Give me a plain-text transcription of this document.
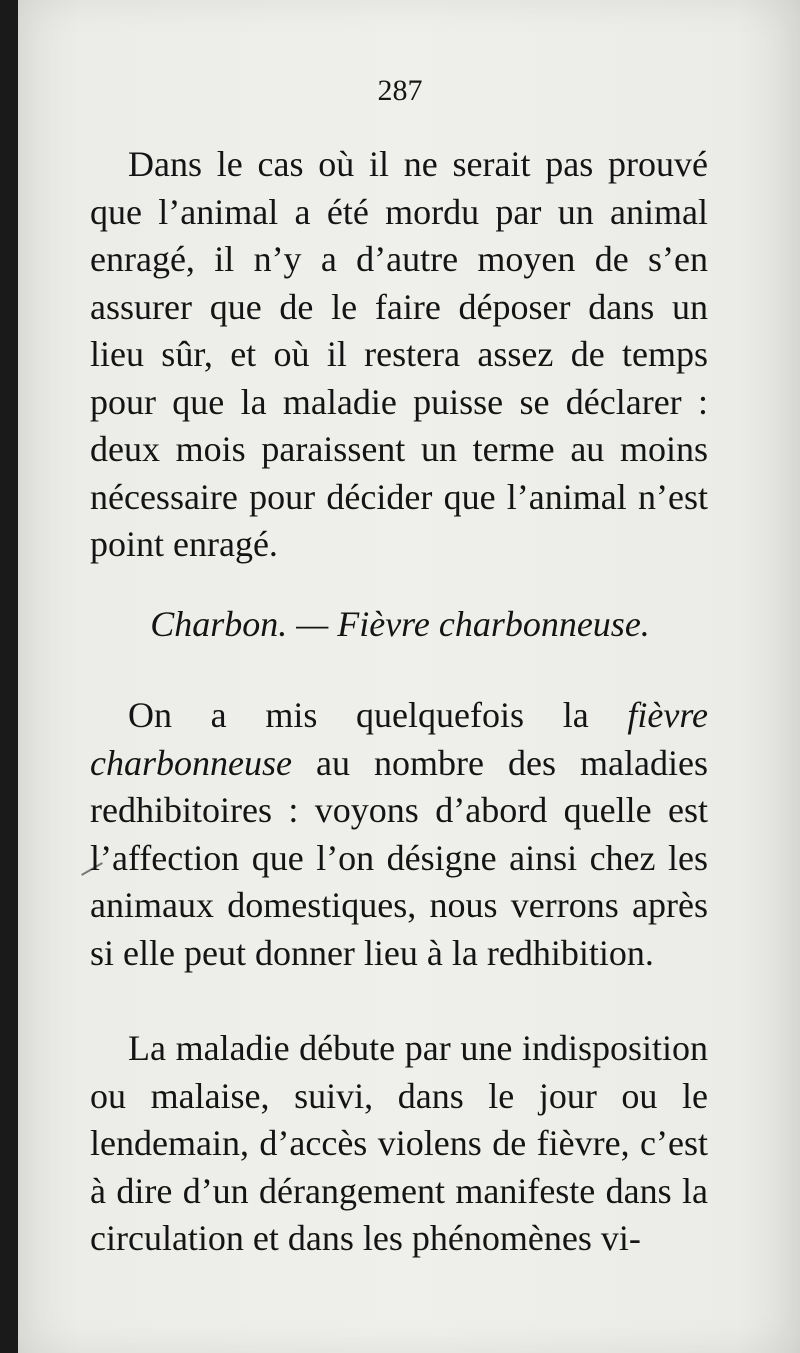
287

Dans le cas où il ne serait pas prouvé que l’animal a été mordu par un animal enragé, il n’y a d’autre moyen de s’en assurer que de le faire déposer dans un lieu sûr, et où il restera assez de temps pour que la maladie puisse se déclarer : deux mois paraissent un terme au moins nécessaire pour décider que l’animal n’est point enragé.

Charbon. — Fièvre charbonneuse.

On a mis quelquefois la fièvre charbonneuse au nombre des maladies redhibitoires : voyons d’abord quelle est l’affection que l’on désigne ainsi chez les animaux domestiques, nous verrons après si elle peut donner lieu à la redhibition.

La maladie débute par une indisposition ou malaise, suivi, dans le jour ou le lendemain, d’accès violens de fièvre, c’est à dire d’un dérangement manifeste dans la circulation et dans les phénomènes vi-
